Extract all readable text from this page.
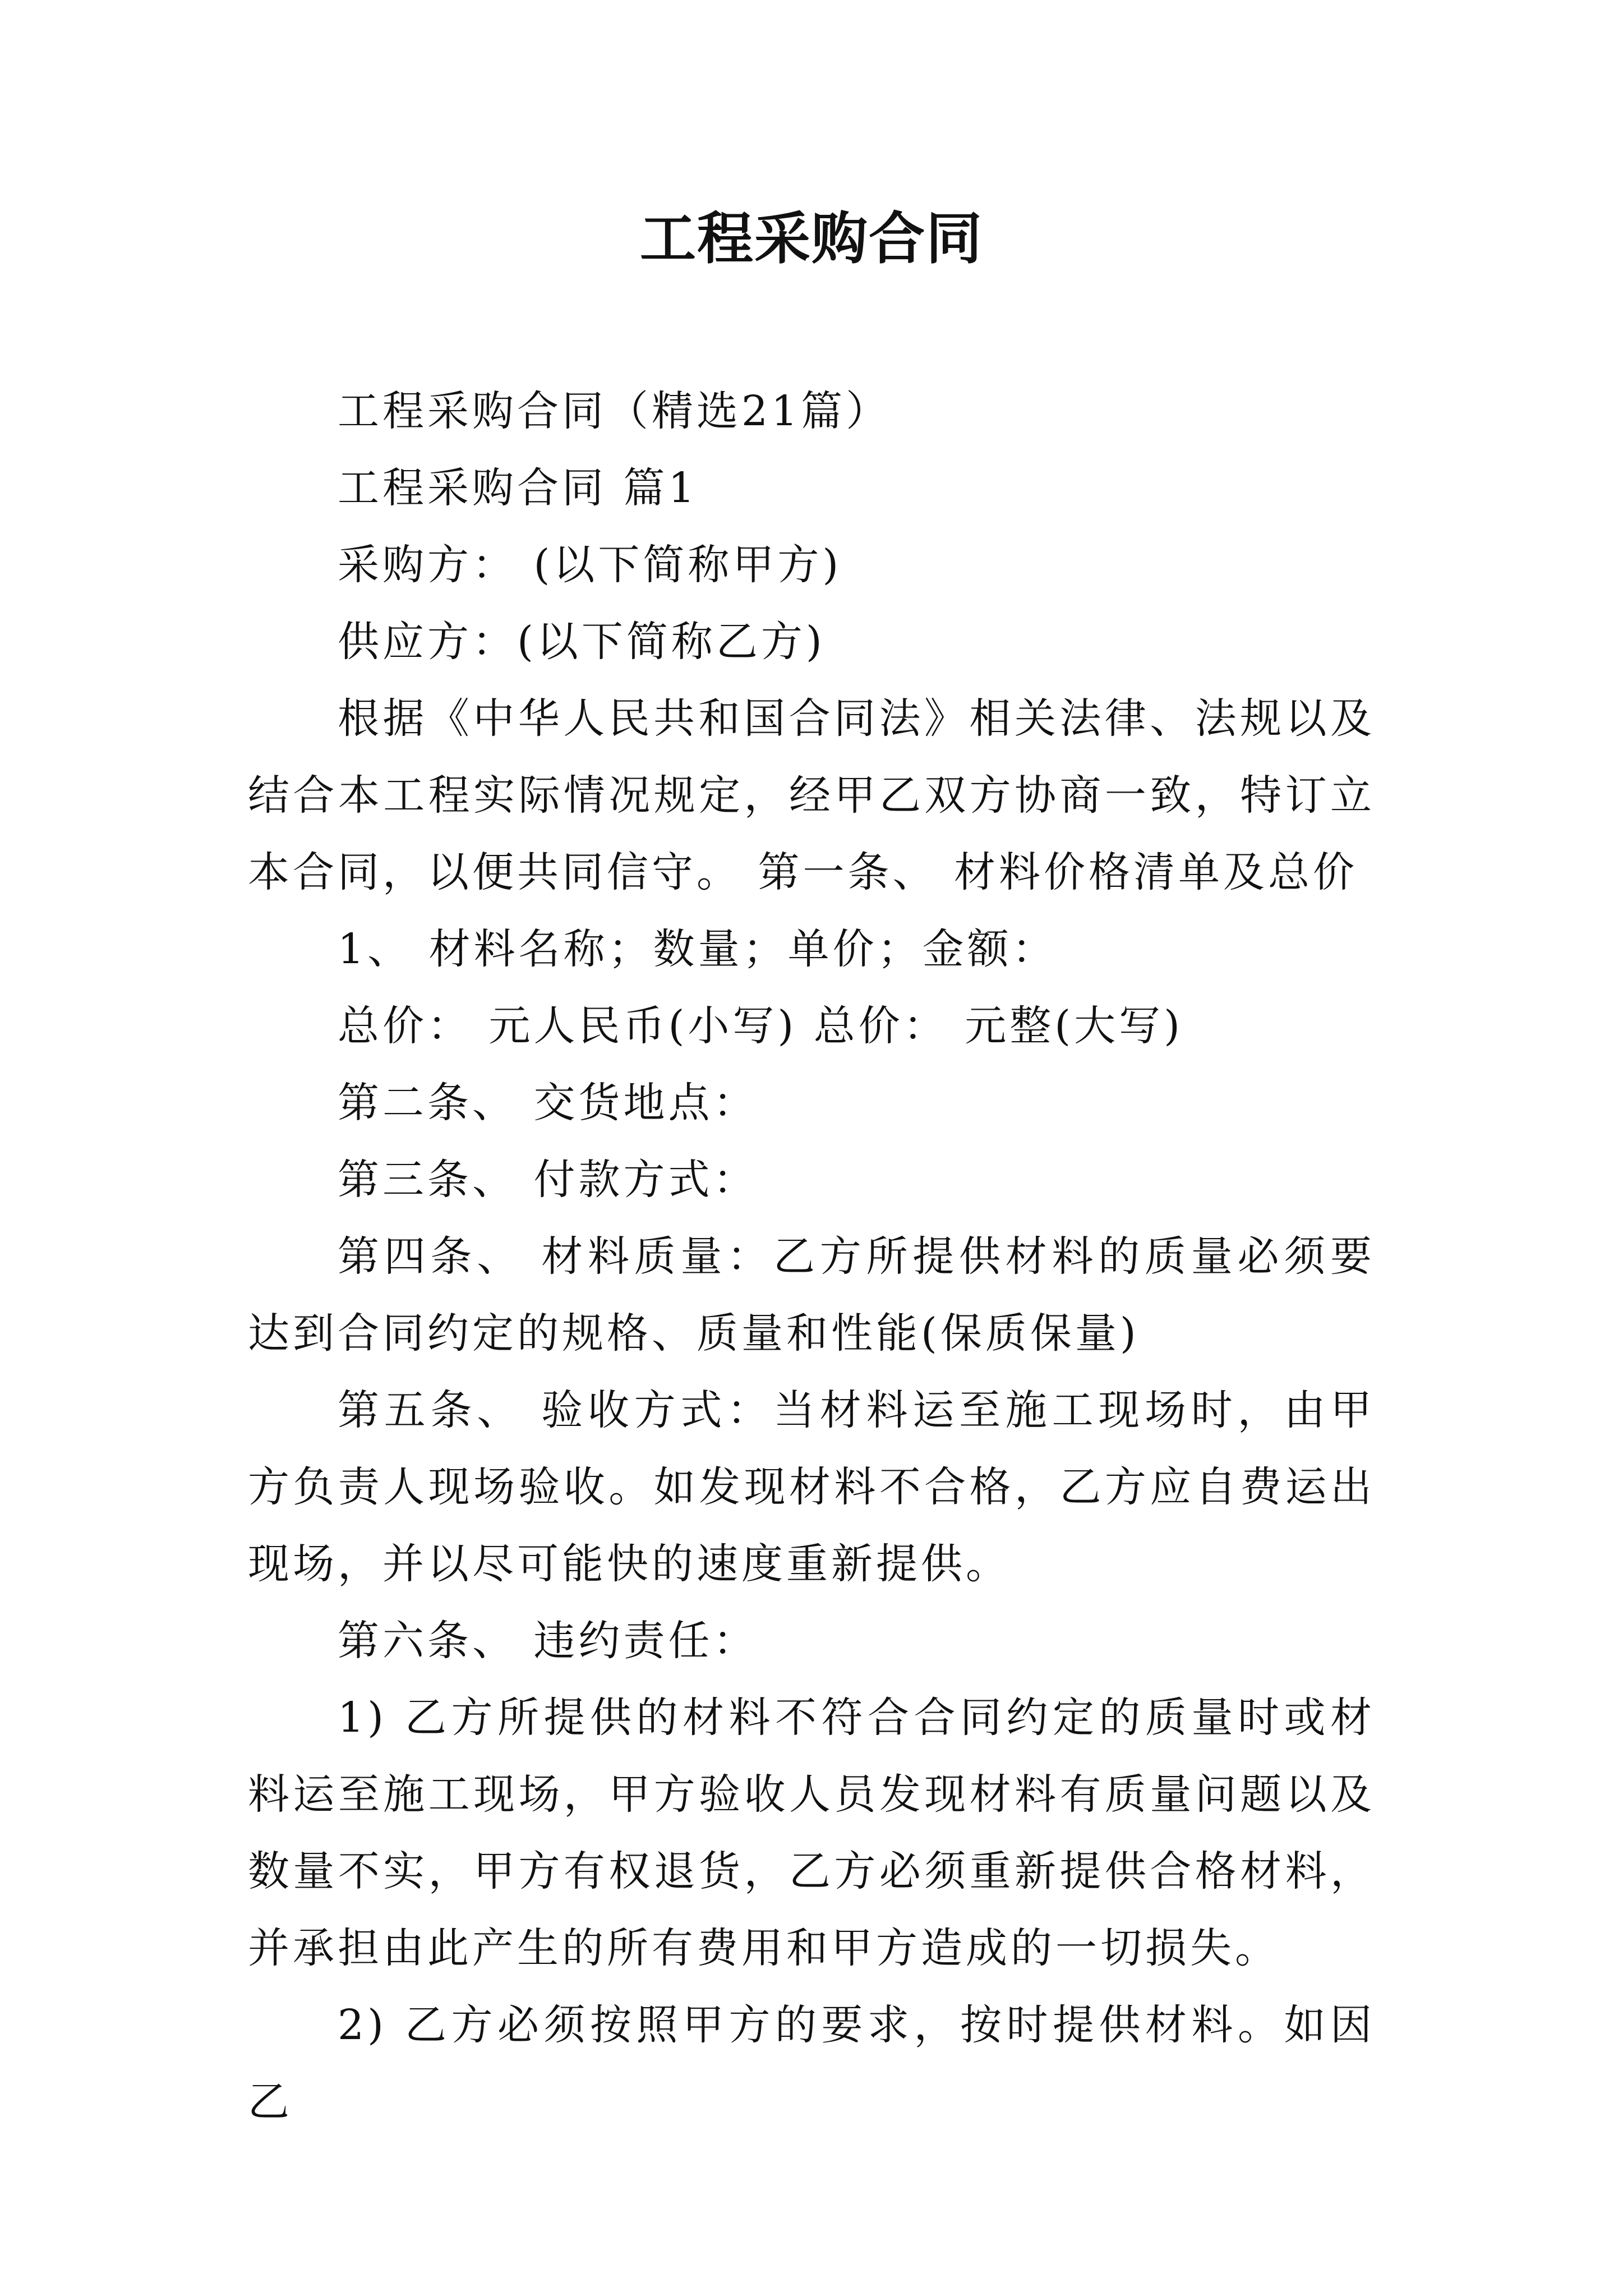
工程采购合同

工程采购合同（精选21篇）

工程采购合同 篇1

采购方： (以下简称甲方)

供应方：(以下简称乙方)

根据《中华人民共和国合同法》相关法律、法规以及结合本工程实际情况规定，经甲乙双方协商一致，特订立本合同，以便共同信守。 第一条、 材料价格清单及总价

1、 材料名称；数量；单价；金额：

总价： 元人民币(小写) 总价： 元整(大写)

第二条、 交货地点：

第三条、 付款方式：

第四条、 材料质量：乙方所提供材料的质量必须要达到合同约定的规格、质量和性能(保质保量)

第五条、 验收方式：当材料运至施工现场时，由甲方负责人现场验收。如发现材料不合格，乙方应自费运出现场，并以尽可能快的速度重新提供。

第六条、 违约责任：

1) 乙方所提供的材料不符合合同约定的质量时或材料运至施工现场，甲方验收人员发现材料有质量问题以及数量不实，甲方有权退货，乙方必须重新提供合格材料，并承担由此产生的所有费用和甲方造成的一切损失。

2) 乙方必须按照甲方的要求，按时提供材料。如因乙
